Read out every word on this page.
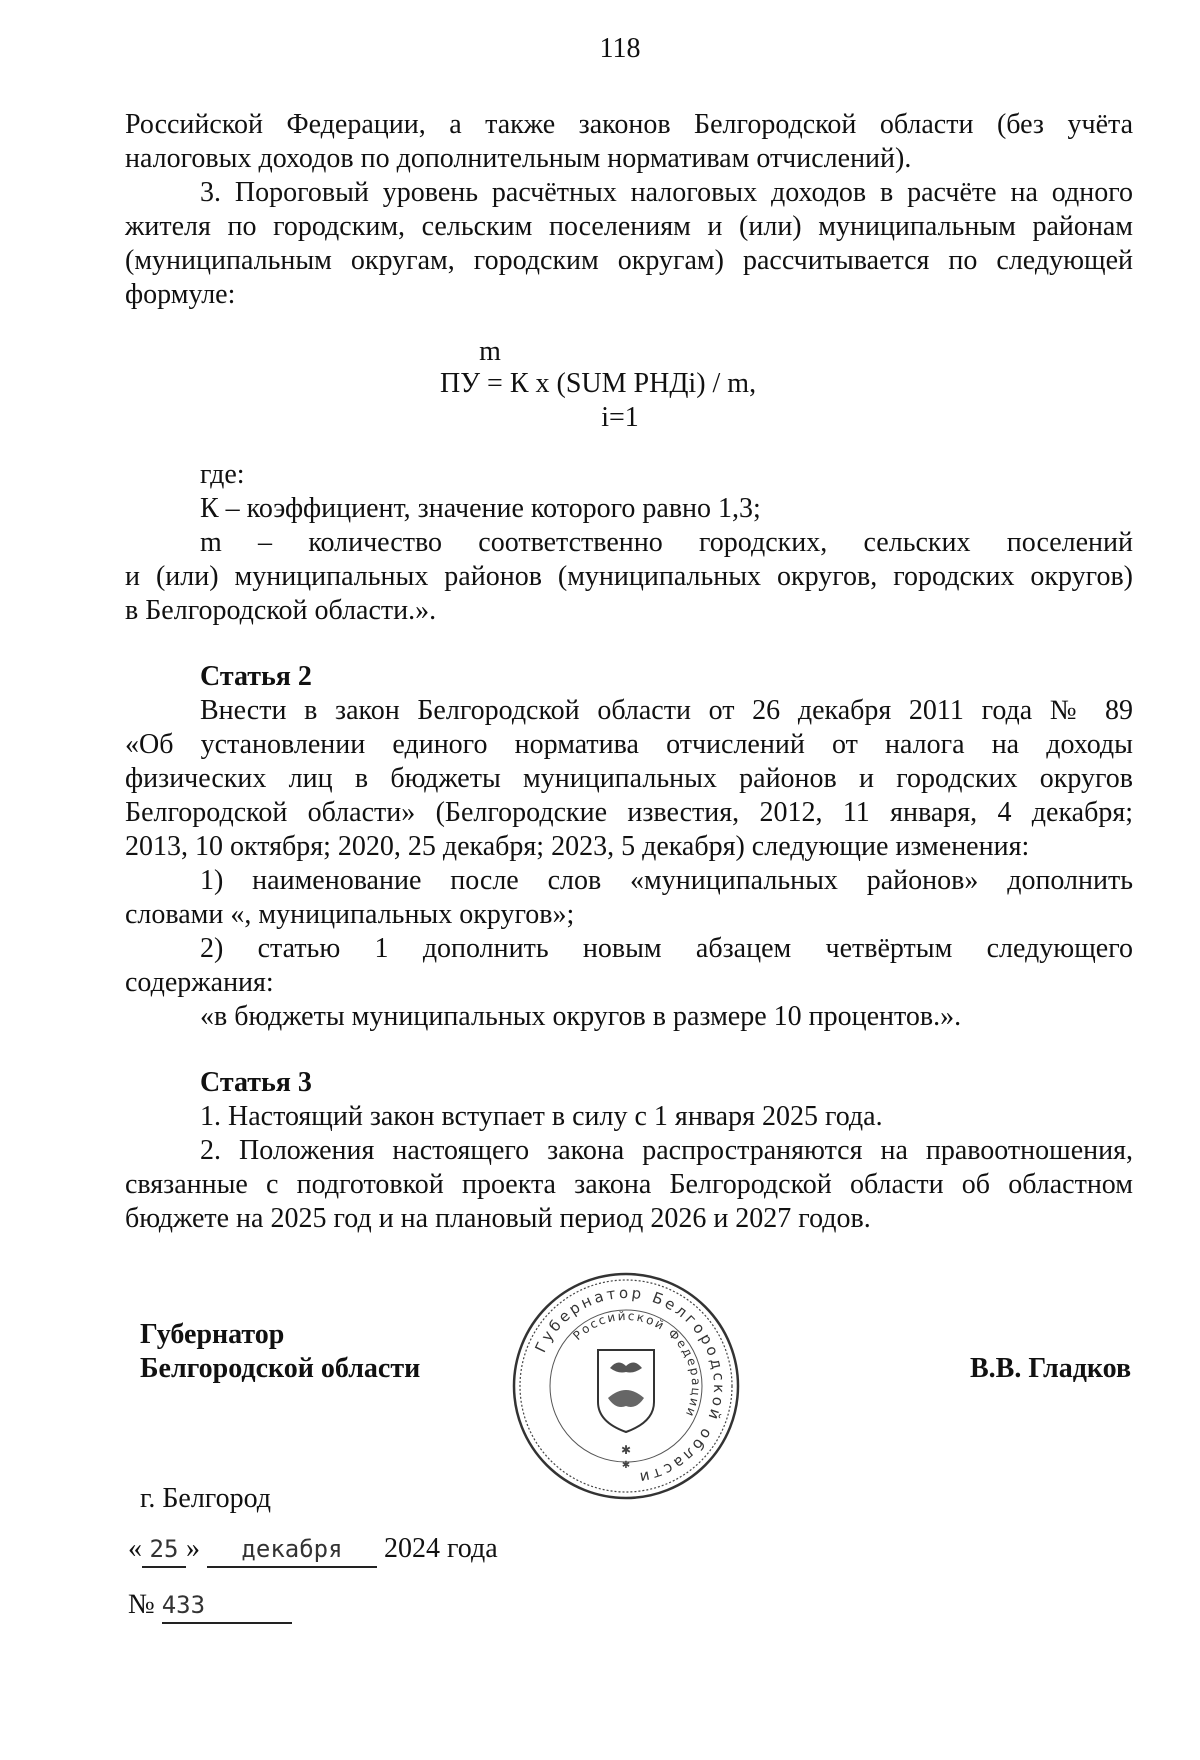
118
Российской Федерации, а также законов Белгородской области (без учёта
налоговых доходов по дополнительным нормативам отчислений).
3. Пороговый уровень расчётных налоговых доходов в расчёте на одного
жителя по городским, сельским поселениям и (или) муниципальным районам
(муниципальным округам, городским округам) рассчитывается по следующей
формуле:
m
ПУ = К x (SUM РНДi) / m,
i=1
где:
К – коэффициент, значение которого равно 1,3;
m – количество соответственно городских, сельских поселений
и (или) муниципальных районов (муниципальных округов, городских округов)
в Белгородской области.».
Статья 2
Внести в закон Белгородской области от 26 декабря 2011 года № 89
«Об установлении единого норматива отчислений от налога на доходы
физических лиц в бюджеты муниципальных районов и городских округов
Белгородской области» (Белгородские известия, 2012, 11 января, 4 декабря;
2013, 10 октября; 2020, 25 декабря; 2023, 5 декабря) следующие изменения:
1) наименование после слов «муниципальных районов» дополнить
словами «, муниципальных округов»;
2) статью 1 дополнить новым абзацем четвёртым следующего
содержания:
«в бюджеты муниципальных округов в размере 10 процентов.».
Статья 3
1. Настоящий закон вступает в силу с 1 января 2025 года.
2. Положения настоящего закона распространяются на правоотношения,
связанные с подготовкой проекта закона Белгородской области об областном
бюджете на 2025 год и на плановый период 2026 и 2027 годов.
Губернатор
Белгородской области	В.В. Гладков
Губернатор Белгородской области
Российской Федерации
✱
✱
г. Белгород
« 25 » декабря 2024 года
№ 433
